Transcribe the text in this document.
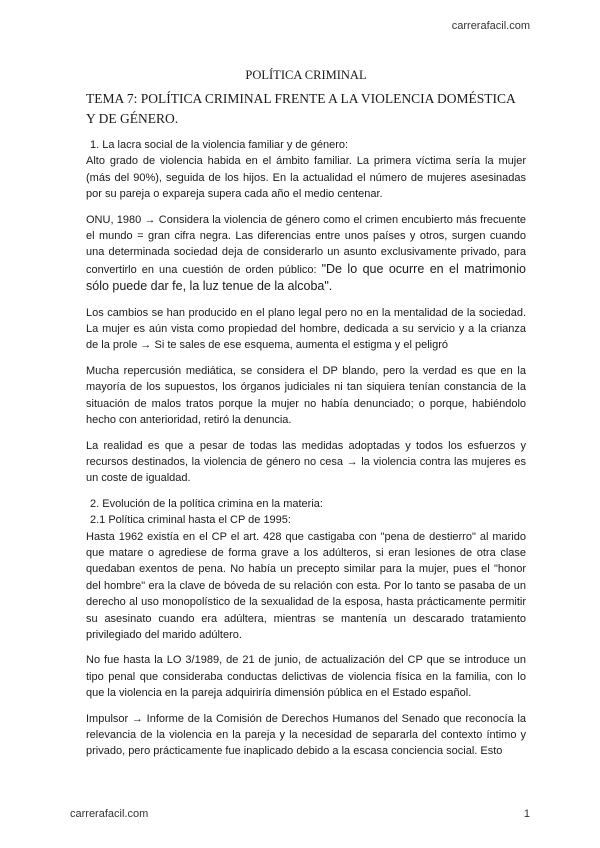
carrerafacil.com
POLÍTICA CRIMINAL
TEMA 7: POLÍTICA CRIMINAL FRENTE A LA VIOLENCIA DOMÉSTICA Y DE GÉNERO.
1. La lacra social de la violencia familiar y de género:

Alto grado de violencia habida en el ámbito familiar. La primera víctima sería la mujer (más del 90%), seguida de los hijos. En la actualidad el número de mujeres asesinadas por su pareja o expareja supera cada año el medio centenar.

ONU, 1980 → Considera la violencia de género como el crimen encubierto más frecuente el mundo = gran cifra negra. Las diferencias entre unos países y otros, surgen cuando una determinada sociedad deja de considerarlo un asunto exclusivamente privado, para convertirlo en una cuestión de orden público: "De lo que ocurre en el matrimonio sólo puede dar fe, la luz tenue de la alcoba".

Los cambios se han producido en el plano legal pero no en la mentalidad de la sociedad. La mujer es aún vista como propiedad del hombre, dedicada a su servicio y a la crianza de la prole → Si te sales de ese esquema, aumenta el estigma y el peligró

Mucha repercusión mediática, se considera el DP blando, pero la verdad es que en la mayoría de los supuestos, los órganos judiciales ni tan siquiera tenían constancia de la situación de malos tratos porque la mujer no había denunciado; o porque, habiéndolo hecho con anterioridad, retiró la denuncia.

La realidad es que a pesar de todas las medidas adoptadas y todos los esfuerzos y recursos destinados, la violencia de género no cesa → la violencia contra las mujeres es un coste de igualdad.

2. Evolución de la política crimina en la materia:
2.1 Política criminal hasta el CP de 1995:

Hasta 1962 existía en el CP el art. 428 que castigaba con "pena de destierro" al marido que matare o agrediese de forma grave a los adúlteros, si eran lesiones de otra clase quedaban exentos de pena. No había un precepto similar para la mujer, pues el "honor del hombre" era la clave de bóveda de su relación con esta. Por lo tanto se pasaba de un derecho al uso monopolístico de la sexualidad de la esposa, hasta prácticamente permitir su asesinato cuando era adúltera, mientras se mantenía un descarado tratamiento privilegiado del marido adúltero.

No fue hasta la LO 3/1989, de 21 de junio, de actualización del CP que se introduce un tipo penal que consideraba conductas delictivas de violencia física en la familia, con lo que la violencia en la pareja adquiriría dimensión pública en el Estado español.

Impulsor → Informe de la Comisión de Derechos Humanos del Senado que reconocía la relevancia de la violencia en la pareja y la necesidad de separarla del contexto íntimo y privado, pero prácticamente fue inaplicado debido a la escasa conciencia social. Esto

carrerafacil.com	1
